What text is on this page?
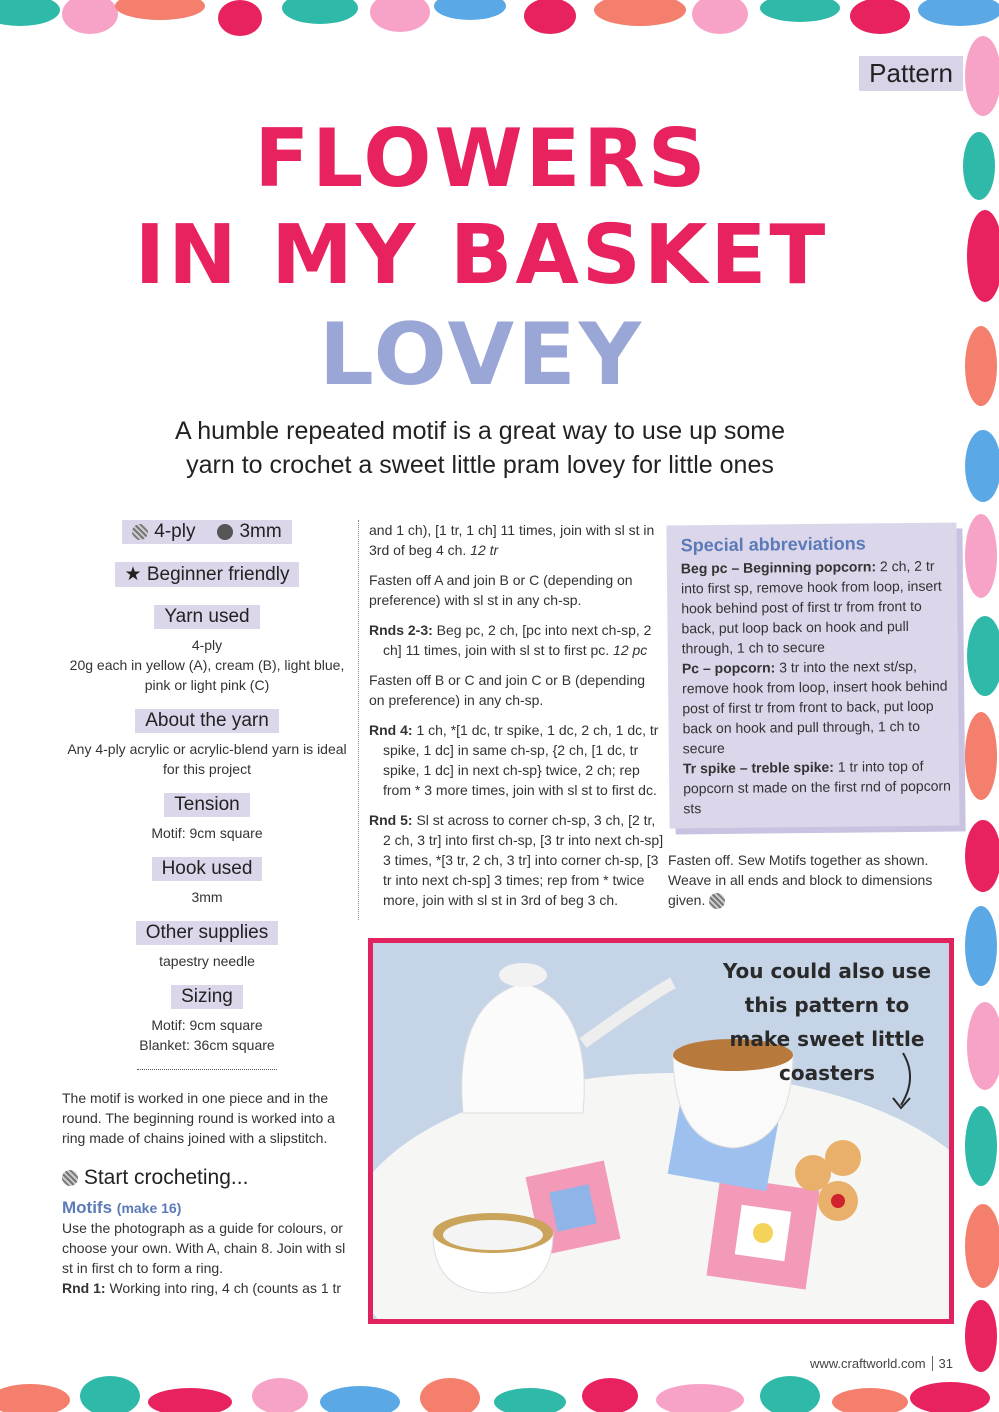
Pattern
FLOWERS
IN MY BASKET
LOVEY
A humble repeated motif is a great way to use up some
yarn to crochet a sweet little pram lovey for little ones
4-ply 3mm
★ Beginner friendly
Yarn used
4-ply
20g each in yellow (A), cream (B), light blue, pink or light pink (C)
About the yarn
Any 4-ply acrylic or acrylic-blend yarn is ideal for this project
Tension
Motif: 9cm square
Hook used
3mm
Other supplies
tapestry needle
Sizing
Motif: 9cm square
Blanket: 36cm square

The motif is worked in one piece and in the round. The beginning round is worked into a ring made of chains joined with a slipstitch.

Start crocheting...

Motifs (make 16)

Use the photograph as a guide for colours, or choose your own. With A, chain 8. Join with sl st in first ch to form a ring.

Rnd 1: Working into ring, 4 ch (counts as 1 tr

and 1 ch), [1 tr, 1 ch] 11 times, join with sl st in 3rd of beg 4 ch. 12 tr

Fasten off A and join B or C (depending on preference) with sl st in any ch-sp.

Rnds 2-3: Beg pc, 2 ch, [pc into next ch-sp, 2 ch] 11 times, join with sl st to first pc. 12 pc

Fasten off B or C and join C or B (depending on preference) in any ch-sp.

Rnd 4: 1 ch, *[1 dc, tr spike, 1 dc, 2 ch, 1 dc, tr spike, 1 dc] in same ch-sp, {2 ch, [1 dc, tr spike, 1 dc] in next ch-sp} twice, 2 ch; rep from * 3 more times, join with sl st to first dc.

Rnd 5: Sl st across to corner ch-sp, 3 ch, [2 tr, 2 ch, 3 tr] into first ch-sp, [3 tr into next ch-sp] 3 times, *[3 tr, 2 ch, 3 tr] into corner ch-sp, [3 tr into next ch-sp] 3 times; rep from * twice more, join with sl st in 3rd of beg 3 ch.

Special abbreviations

Beg pc – Beginning popcorn: 2 ch, 2 tr into first sp, remove hook from loop, insert hook behind post of first tr from front to back, put loop back on hook and pull through, 1 ch to secure

Pc – popcorn: 3 tr into the next st/sp, remove hook from loop, insert hook behind post of first tr from front to back, put loop back on hook and pull through, 1 ch to secure

Tr spike – treble spike: 1 tr into top of popcorn st made on the first rnd of popcorn sts

Fasten off. Sew Motifs together as shown. Weave in all ends and block to dimensions given.

You could also use this pattern to make sweet little coasters
www.craftworld.com 31
